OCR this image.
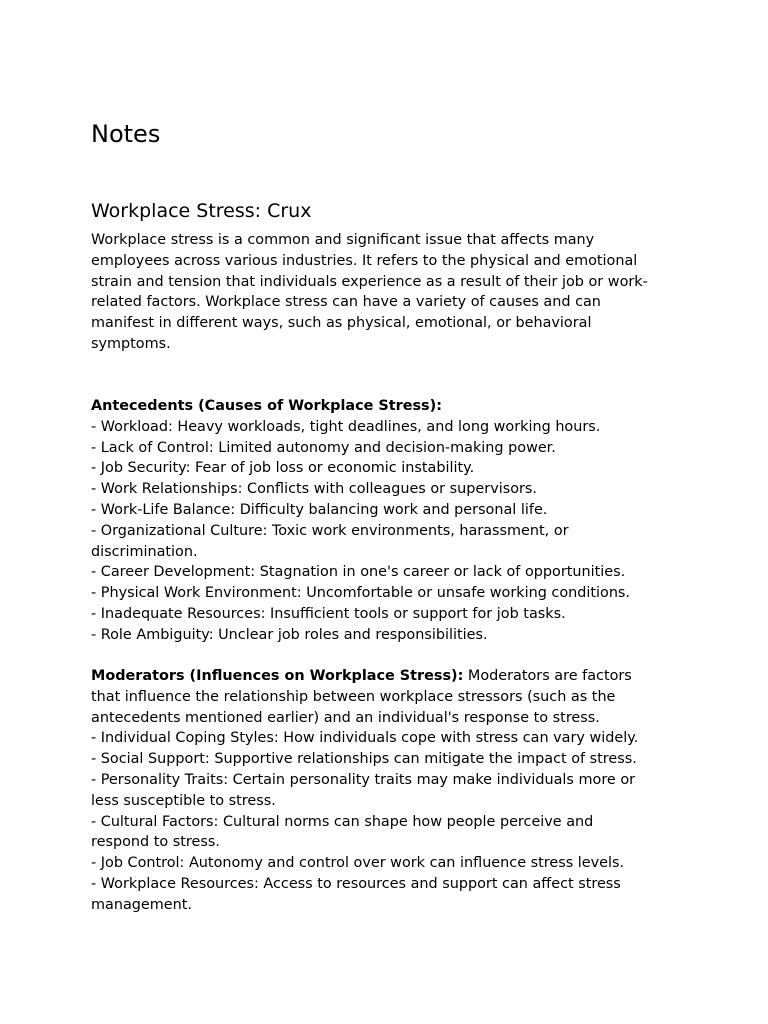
Notes
Workplace Stress: Crux
Workplace stress is a common and significant issue that affects many
employees across various industries. It refers to the physical and emotional
strain and tension that individuals experience as a result of their job or work-
related factors. Workplace stress can have a variety of causes and can
manifest in different ways, such as physical, emotional, or behavioral
symptoms.
Antecedents (Causes of Workplace Stress):
- Workload: Heavy workloads, tight deadlines, and long working hours.
- Lack of Control: Limited autonomy and decision-making power.
- Job Security: Fear of job loss or economic instability.
- Work Relationships: Conflicts with colleagues or supervisors.
- Work-Life Balance: Difficulty balancing work and personal life.
- Organizational Culture: Toxic work environments, harassment, or
discrimination.
- Career Development: Stagnation in one's career or lack of opportunities.
- Physical Work Environment: Uncomfortable or unsafe working conditions.
- Inadequate Resources: Insufficient tools or support for job tasks.
- Role Ambiguity: Unclear job roles and responsibilities.
Moderators (Influences on Workplace Stress): Moderators are factors
that influence the relationship between workplace stressors (such as the
antecedents mentioned earlier) and an individual's response to stress.
- Individual Coping Styles: How individuals cope with stress can vary widely.
- Social Support: Supportive relationships can mitigate the impact of stress.
- Personality Traits: Certain personality traits may make individuals more or
less susceptible to stress.
- Cultural Factors: Cultural norms can shape how people perceive and
respond to stress.
- Job Control: Autonomy and control over work can influence stress levels.
- Workplace Resources: Access to resources and support can affect stress
management.
